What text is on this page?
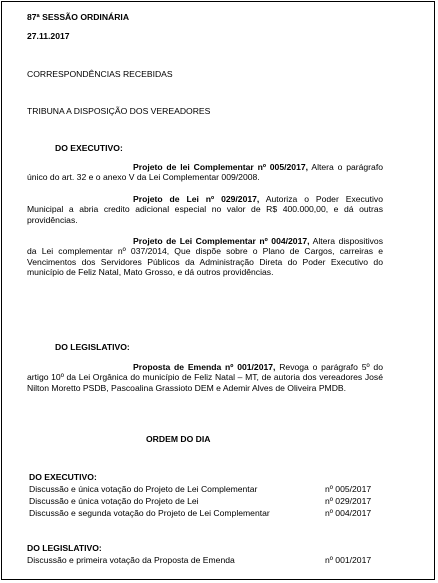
87ª SESSÃO ORDINÁRIA
27.11.2017
CORRESPONDÊNCIAS RECEBIDAS
TRIBUNA A DISPOSIÇÃO DOS VEREADORES
DO EXECUTIVO:
Projeto de lei Complementar nº 005/2017, Altera o parágrafo único do art. 32 e o anexo V da Lei Complementar 009/2008.
Projeto de Lei nº 029/2017, Autoriza o Poder Executivo Municipal a abria credito adicional especial no valor de R$ 400.000,00, e dá outras providências.
Projeto de Lei Complementar nº 004/2017, Altera dispositivos da Lei complementar nº 037/2014, Que dispõe sobre o Plano de Cargos, carreiras e Vencimentos dos Servidores Públicos da Administração Direta do Poder Executivo do município de Feliz Natal, Mato Grosso, e dá outros providências.
DO LEGISLATIVO:
Proposta de Emenda nº 001/2017, Revoga o parágrafo 5º do artigo 10º da Lei Orgânica do município de Feliz Natal – MT, de autoria dos vereadores José Nilton Moretto PSDB, Pascoalina Grassioto DEM e Ademir Alves de Oliveira PMDB.
ORDEM DO DIA
DO EXECUTIVO:
Discussão e única votação do Projeto de Lei Complementar	nº 005/2017
Discussão e única votação do Projeto de Lei	nº 029/2017
Discussão e segunda votação do Projeto de Lei Complementar	nº 004/2017
DO LEGISLATIVO:
Discussão e primeira votação da Proposta de Emenda	nº 001/2017
